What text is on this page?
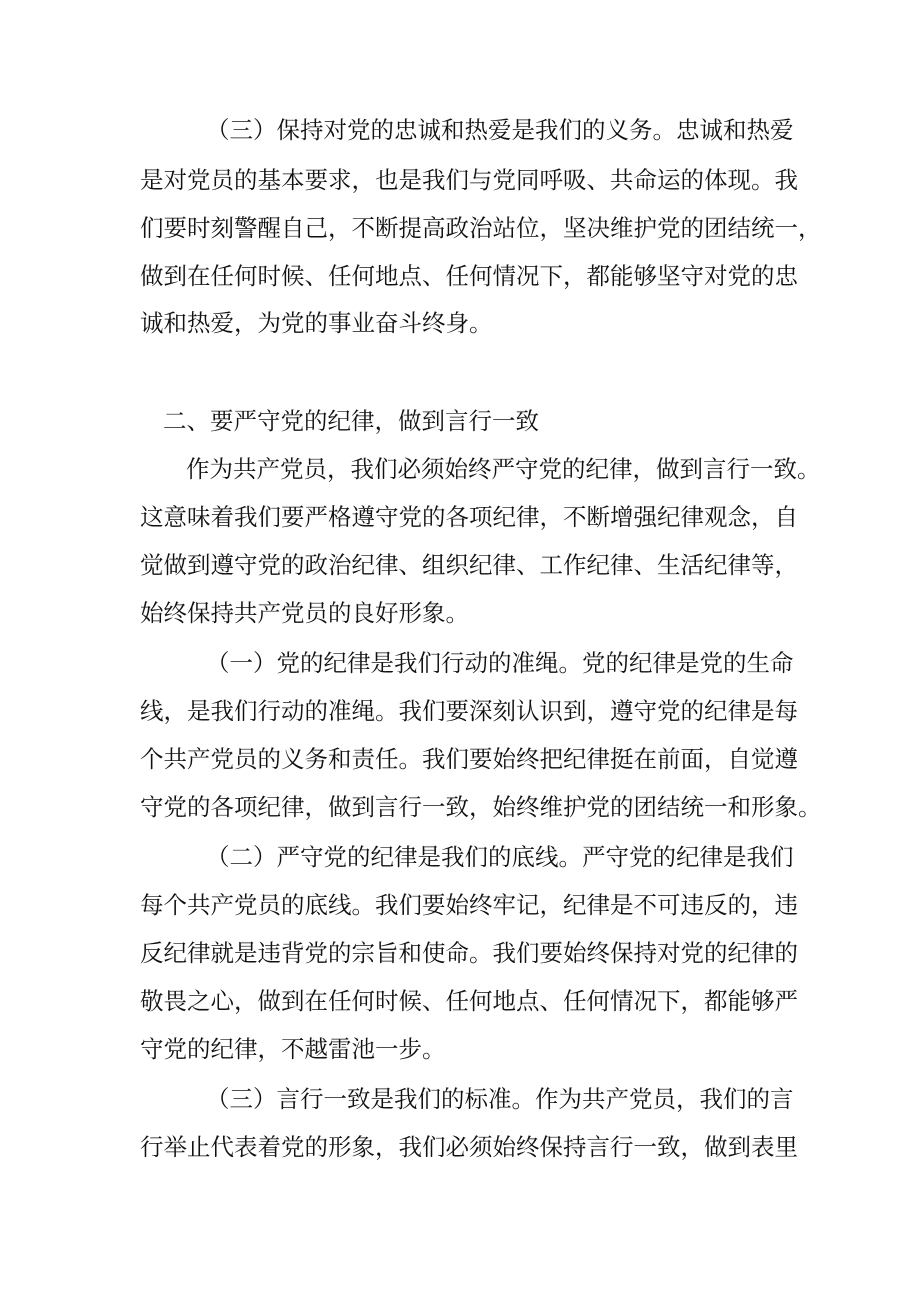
（三）保持对党的忠诚和热爱是我们的义务。忠诚和热爱
是对党员的基本要求，也是我们与党同呼吸、共命运的体现。我
们要时刻警醒自己，不断提高政治站位，坚决维护党的团结统一，
做到在任何时候、任何地点、任何情况下，都能够坚守对党的忠
诚和热爱，为党的事业奋斗终身。
二、要严守党的纪律，做到言行一致
作为共产党员，我们必须始终严守党的纪律，做到言行一致。
这意味着我们要严格遵守党的各项纪律，不断增强纪律观念，自
觉做到遵守党的政治纪律、组织纪律、工作纪律、生活纪律等，
始终保持共产党员的良好形象。
（一）党的纪律是我们行动的准绳。党的纪律是党的生命
线，是我们行动的准绳。我们要深刻认识到，遵守党的纪律是每
个共产党员的义务和责任。我们要始终把纪律挺在前面，自觉遵
守党的各项纪律，做到言行一致，始终维护党的团结统一和形象。
（二）严守党的纪律是我们的底线。严守党的纪律是我们
每个共产党员的底线。我们要始终牢记，纪律是不可违反的，违
反纪律就是违背党的宗旨和使命。我们要始终保持对党的纪律的
敬畏之心，做到在任何时候、任何地点、任何情况下，都能够严
守党的纪律，不越雷池一步。
（三）言行一致是我们的标准。作为共产党员，我们的言
行举止代表着党的形象，我们必须始终保持言行一致，做到表里
